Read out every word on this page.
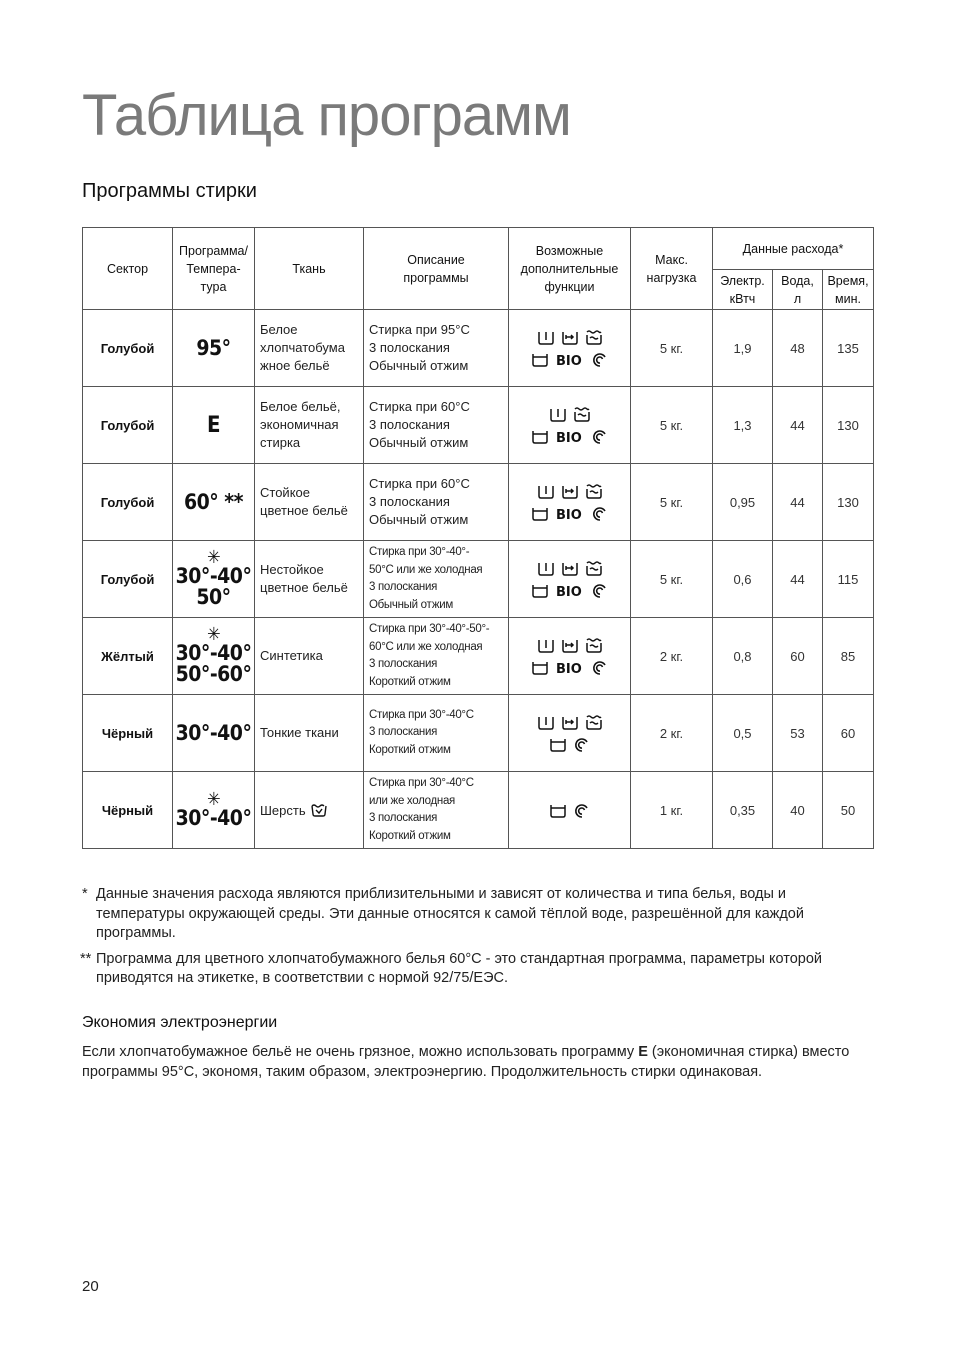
Таблица программ
Программы стирки
Сектор	Программа/
Темпера-
тура	Ткань	Описание
программы	Возможные
дополнительные
функции	Макс.
нагрузка	Данные расхода*		

						Электр.
кВтч	Вода,
л	Время,
мин.

Голубой	95°	Белое
хлопчатобума
жное бельё	Стирка при 95°С
3 полоскания
Обычный отжим	BIO	5 кг.	1,9	48	135
Голубой	E	Белое бельё,
экономичная
стирка	Стирка при 60°С
3 полоскания
Обычный отжим	BIO	5 кг.	1,3	44	130
Голубой	60° **	Стойкое
цветное бельё	Стирка при 60°С
3 полоскания
Обычный отжим	BIO	5 кг.	0,95	44	130
Голубой	✳
30°-40°
50°	Нестойкое
цветное бельё	Стирка при 30°-40°-
50°С или же холодная
3 полоскания
Обычный отжим	BIO	5 кг.	0,6	44	115
Жёлтый	✳
30°-40°
50°-60°	Синтетика	Стирка при 30°-40°-50°-
60°С или же холодная
3 полоскания
Короткий отжим	BIO	2 кг.	0,8	60	85
Чёрный	30°-40°	Тонкие ткани	Стирка при 30°-40°С
3 полоскания
Короткий отжим		2 кг.	0,5	53	60
Чёрный	✳
30°-40°	Шерсть	Стирка при 30°-40°С
или же холодная
3 полоскания
Короткий отжим		1 кг.	0,35	40	50
* Данные значения расхода являются приблизительными и зависят от количества и типа белья, воды и температуры окружающей среды. Эти данные относятся к самой тёплой воде, разрешённой для каждой программы.
** Программа для цветного хлопчатобумажного белья 60°С - это стандартная программа, параметры которой приводятся на этикетке, в соответствии с нормой 92/75/ЕЭС.
Экономия электроэнергии

Если хлопчатобумажное бельё не очень грязное, можно использовать программу E (экономичная стирка) вместо программы 95°С, экономя, таким образом, электроэнергию. Продолжительность стирки одинаковая.

20
